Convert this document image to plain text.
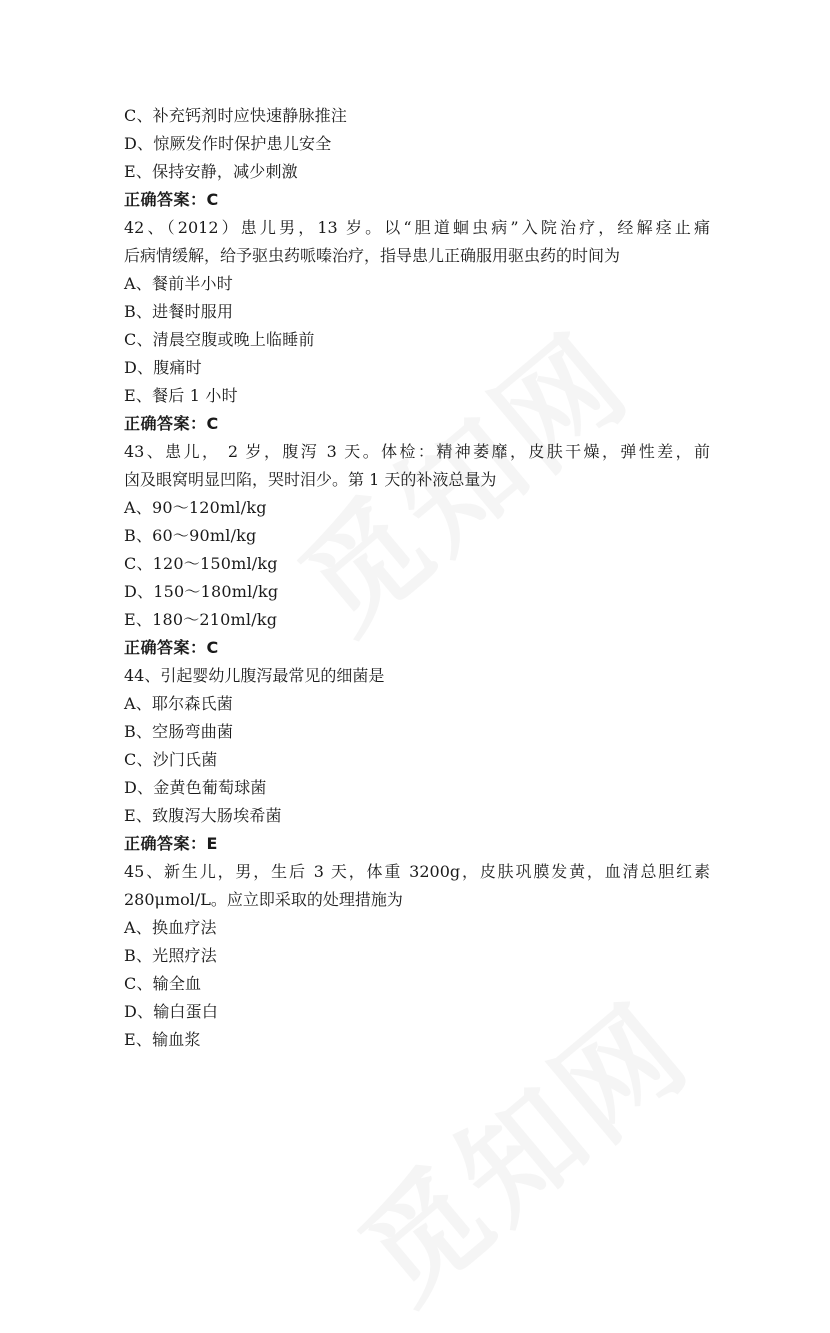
C、补充钙剂时应快速静脉推注
D、惊厥发作时保护患儿安全
E、保持安静，减少刺激
正确答案：C
42、（2012）患儿男，13 岁。以“胆道蛔虫病”入院治疗，经解痉止痛
后病情缓解，给予驱虫药哌嗪治疗，指导患儿正确服用驱虫药的时间为
A、餐前半小时
B、进餐时服用
C、清晨空腹或晚上临睡前
D、腹痛时
E、餐后 1 小时
正确答案：C
43、患儿， 2 岁，腹泻 3 天。体检：精神萎靡，皮肤干燥，弹性差，前
囟及眼窝明显凹陷，哭时泪少。第 1 天的补液总量为
A、90～120ml/kg
B、60～90ml/kg
C、120～150ml/kg
D、150～180ml/kg
E、180～210ml/kg
正确答案：C
44、引起婴幼儿腹泻最常见的细菌是
A、耶尔森氏菌
B、空肠弯曲菌
C、沙门氏菌
D、金黄色葡萄球菌
E、致腹泻大肠埃希菌
正确答案：E
45、新生儿，男，生后 3 天，体重 3200g，皮肤巩膜发黄，血清总胆红素
280μmol/L。应立即采取的处理措施为
A、换血疗法
B、光照疗法
C、输全血
D、输白蛋白
E、输血浆
